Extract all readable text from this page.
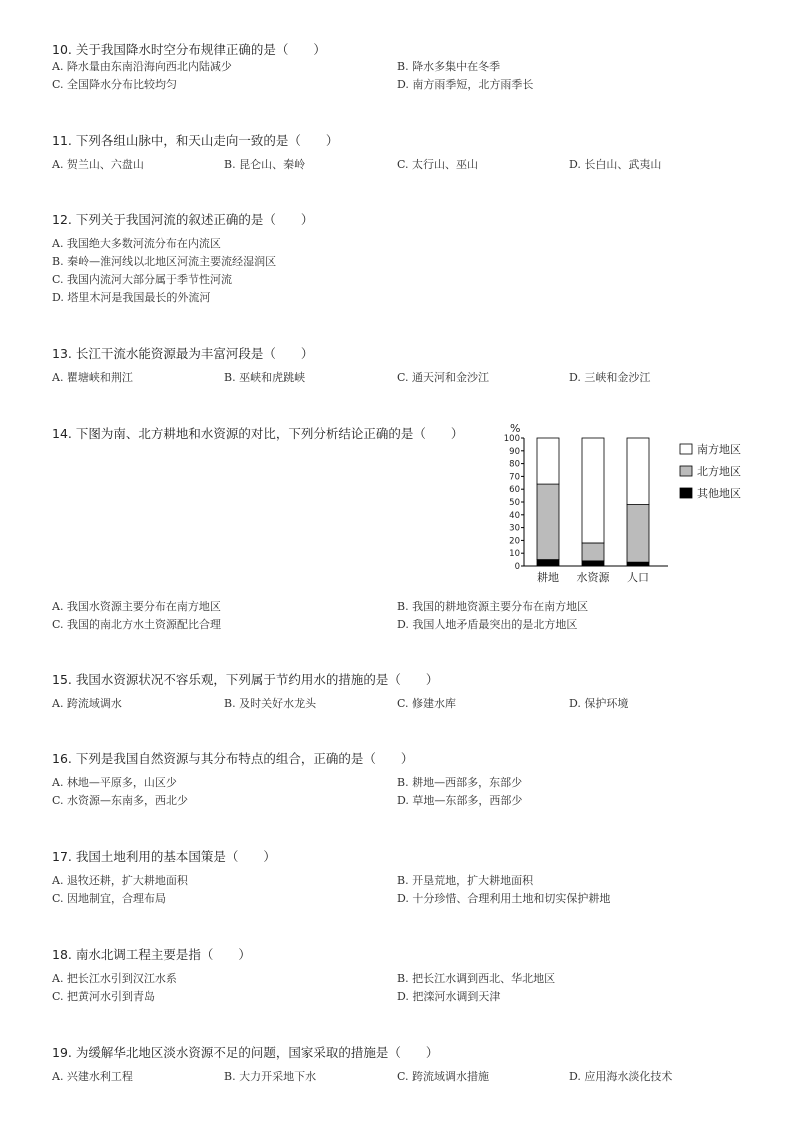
10. 关于我国降水时空分布规律正确的是（　　）
A. 降水量由东南沿海向西北内陆减少	B. 降水多集中在冬季
C. 全国降水分布比较均匀	D. 南方雨季短，北方雨季长
11. 下列各组山脉中，和天山走向一致的是（　　）
A. 贺兰山、六盘山	B. 昆仑山、秦岭	C. 太行山、巫山	D. 长白山、武夷山
12. 下列关于我国河流的叙述正确的是（　　）
A. 我国绝大多数河流分布在内流区
B. 秦岭—淮河线以北地区河流主要流经湿润区
C. 我国内流河大部分属于季节性河流
D. 塔里木河是我国最长的外流河
13. 长江干流水能资源最为丰富河段是（　　）
A. 瞿塘峡和荆江	B. 巫峡和虎跳峡	C. 通天河和金沙江	D. 三峡和金沙江
14. 下图为南、北方耕地和水资源的对比，下列分析结论正确的是（　　）
A. 我国水资源主要分布在南方地区	B. 我国的耕地资源主要分布在南方地区
C. 我国的南北方水土资源配比合理	D. 我国人地矛盾最突出的是北方地区
%
0
10
20
30
40
50
60
70
80
90
100
耕地 水资源 人口
南方地区
北方地区
其他地区
15. 我国水资源状况不容乐观，下列属于节约用水的措施的是（　　）
A. 跨流域调水	B. 及时关好水龙头	C. 修建水库	D. 保护环境
16. 下列是我国自然资源与其分布特点的组合，正确的是（　　）
A. 林地—平原多，山区少	B. 耕地—西部多，东部少
C. 水资源—东南多，西北少	D. 草地—东部多，西部少
17. 我国土地利用的基本国策是（　　）
A. 退牧还耕，扩大耕地面积	B. 开垦荒地，扩大耕地面积
C. 因地制宜，合理布局	D. 十分珍惜、合理利用土地和切实保护耕地
18. 南水北调工程主要是指（　　）
A. 把长江水引到汉江水系	B. 把长江水调到西北、华北地区
C. 把黄河水引到青岛	D. 把滦河水调到天津
19. 为缓解华北地区淡水资源不足的问题，国家采取的措施是（　　）
A. 兴建水利工程	B. 大力开采地下水	C. 跨流域调水措施	D. 应用海水淡化技术
